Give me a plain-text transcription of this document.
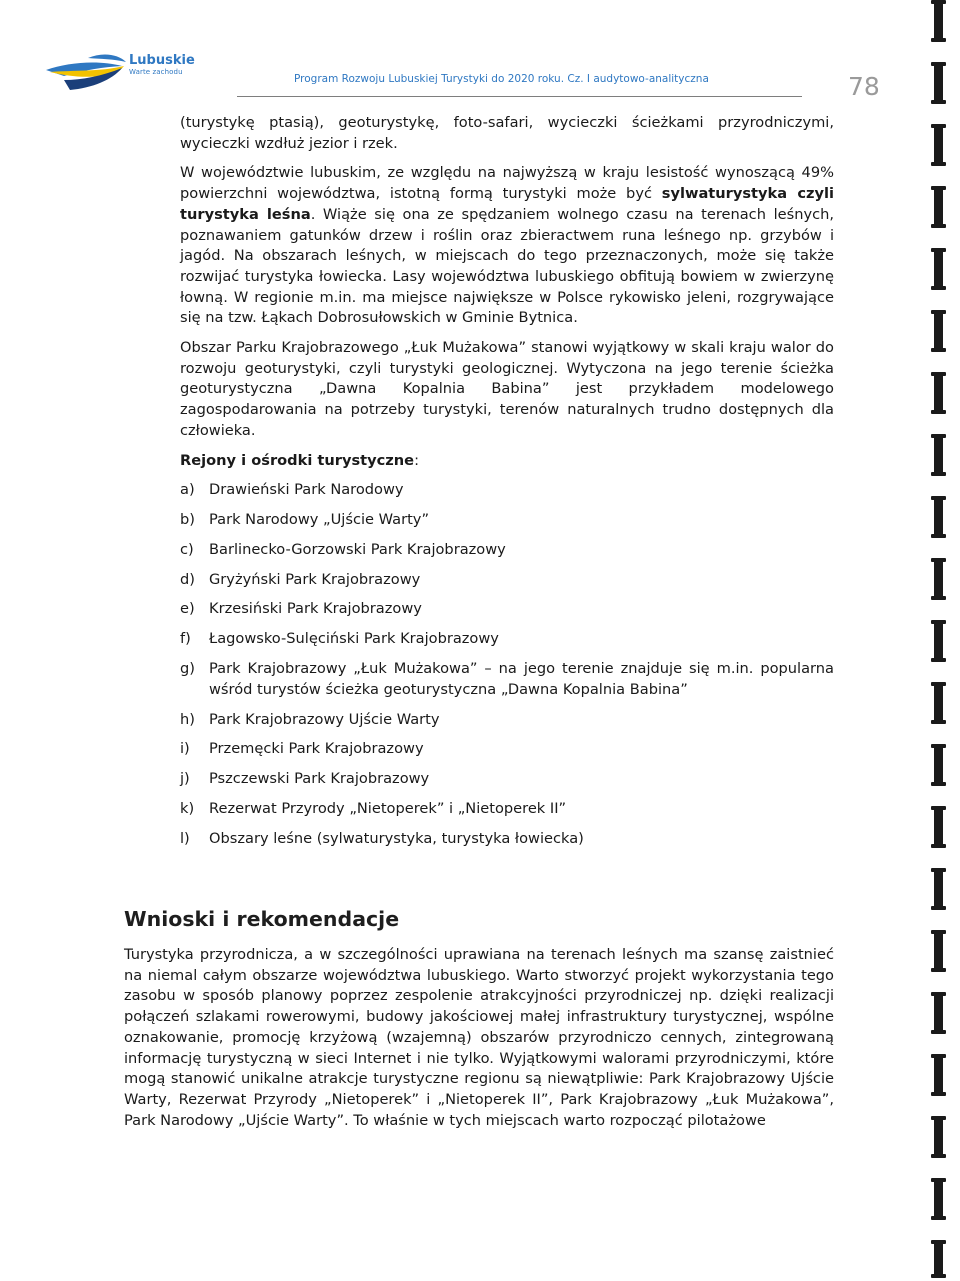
Lubuskie
Warte zachodu
Program Rozwoju Lubuskiej Turystyki do 2020 roku. Cz. I audytowo-analityczna	78

(turystykę ptasią), geoturystykę, foto-safari, wycieczki ścieżkami przyrodniczymi, wycieczki wzdłuż jezior i rzek.

W województwie lubuskim, ze względu na najwyższą w kraju lesistość wynoszącą 49% powierzchni województwa, istotną formą turystyki może być sylwaturystyka czyli turystyka leśna. Wiąże się ona ze spędzaniem wolnego czasu na terenach leśnych, poznawaniem gatunków drzew i roślin oraz zbieractwem runa leśnego np. grzybów i jagód. Na obszarach leśnych, w miejscach do tego przeznaczonych, może się także rozwijać turystyka łowiecka. Lasy województwa lubuskiego obfitują bowiem w zwierzynę łowną. W regionie m.in. ma miejsce największe w Polsce rykowisko jeleni, rozgrywające się na tzw. Łąkach Dobrosułowskich w Gminie Bytnica.

Obszar Parku Krajobrazowego „Łuk Mużakowa” stanowi wyjątkowy w skali kraju walor do rozwoju geoturystyki, czyli turystyki geologicznej. Wytyczona na jego terenie ścieżka geoturystyczna „Dawna Kopalnia Babina” jest przykładem modelowego zagospodarowania na potrzeby turystyki, terenów naturalnych trudno dostępnych dla człowieka.

Rejony i ośrodki turystyczne:
a) Drawieński Park Narodowy
b) Park Narodowy „Ujście Warty”
c)	Barlinecko-Gorzowski Park Krajobrazowy
d) Gryżyński Park Krajobrazowy
e) Krzesiński Park Krajobrazowy
f)	Łagowsko-Sulęciński Park Krajobrazowy
g) Park Krajobrazowy „Łuk Mużakowa” – na jego terenie znajduje się m.in. popularna wśród turystów ścieżka geoturystyczna „Dawna Kopalnia Babina”
h) Park Krajobrazowy Ujście Warty
i)	Przemęcki Park Krajobrazowy
j)	Pszczewski Park Krajobrazowy
k)	Rezerwat Przyrody „Nietoperek” i „Nietoperek II”
l)	Obszary leśne (sylwaturystyka, turystyka łowiecka)
Wnioski i rekomendacje

Turystyka przyrodnicza, a w szczególności uprawiana na terenach leśnych ma szansę zaistnieć na niemal całym obszarze województwa lubuskiego. Warto stworzyć projekt wykorzystania tego zasobu w sposób planowy poprzez zespolenie atrakcyjności przyrodniczej np. dzięki realizacji połączeń szlakami rowerowymi, budowy jakościowej małej infrastruktury turystycznej, wspólne oznakowanie, promocję krzyżową (wzajemną) obszarów przyrodniczo cennych, zintegrowaną informację turystyczną w sieci Internet i nie tylko. Wyjątkowymi walorami przyrodniczymi, które mogą stanowić unikalne atrakcje turystyczne regionu są niewątpliwie: Park Krajobrazowy Ujście Warty, Rezerwat Przyrody „Nietoperek” i „Nietoperek II”, Park Krajobrazowy „Łuk Mużakowa”, Park Narodowy „Ujście Warty”. To właśnie w tych miejscach warto rozpocząć pilotażowe
